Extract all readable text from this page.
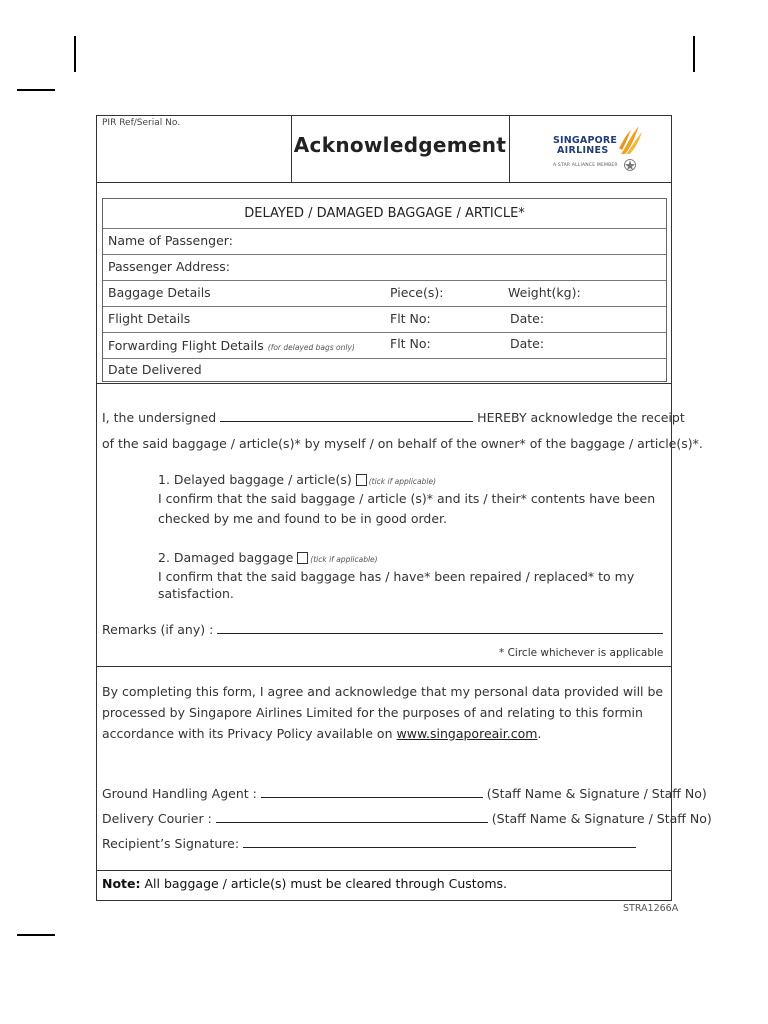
PIR Ref/Serial No.
Acknowledgement	SINGAPORE
AIRLINES
A STAR ALLIANCE MEMBER
DELAYED / DAMAGED BAGGAGE / ARTICLE*
Name of Passenger:
Passenger Address:
Baggage Details	Piece(s):	Weight(kg):
Flight Details	Flt No:	Date:
Forwarding Flight Details (for delayed bags only)	Flt No:	Date:
Date Delivered
I, the undersigned	HEREBY acknowledge the receipt
of the said baggage / article(s)* by myself / on behalf of the owner* of the baggage / article(s)*.
1. Delayed baggage / article(s) (tick if applicable)
I confirm that the said baggage / article (s)* and its / their* contents have been
checked by me and found to be in good order.
2. Damaged baggage (tick if applicable)
I confirm that the said baggage has / have* been repaired / replaced* to my
satisfaction.
Remarks (if any) :
* Circle whichever is applicable
By completing this form, I agree and acknowledge that my personal data provided will be
processed by Singapore Airlines Limited for the purposes of and relating to this formin
accordance with its Privacy Policy available on www.singaporeair.com.
Ground Handling Agent :	(Staff Name & Signature / Staff No)
Delivery Courier :	(Staff Name & Signature / Staff No)
Recipient’s Signature:
Note: All baggage / article(s) must be cleared through Customs.
STRA1266A
